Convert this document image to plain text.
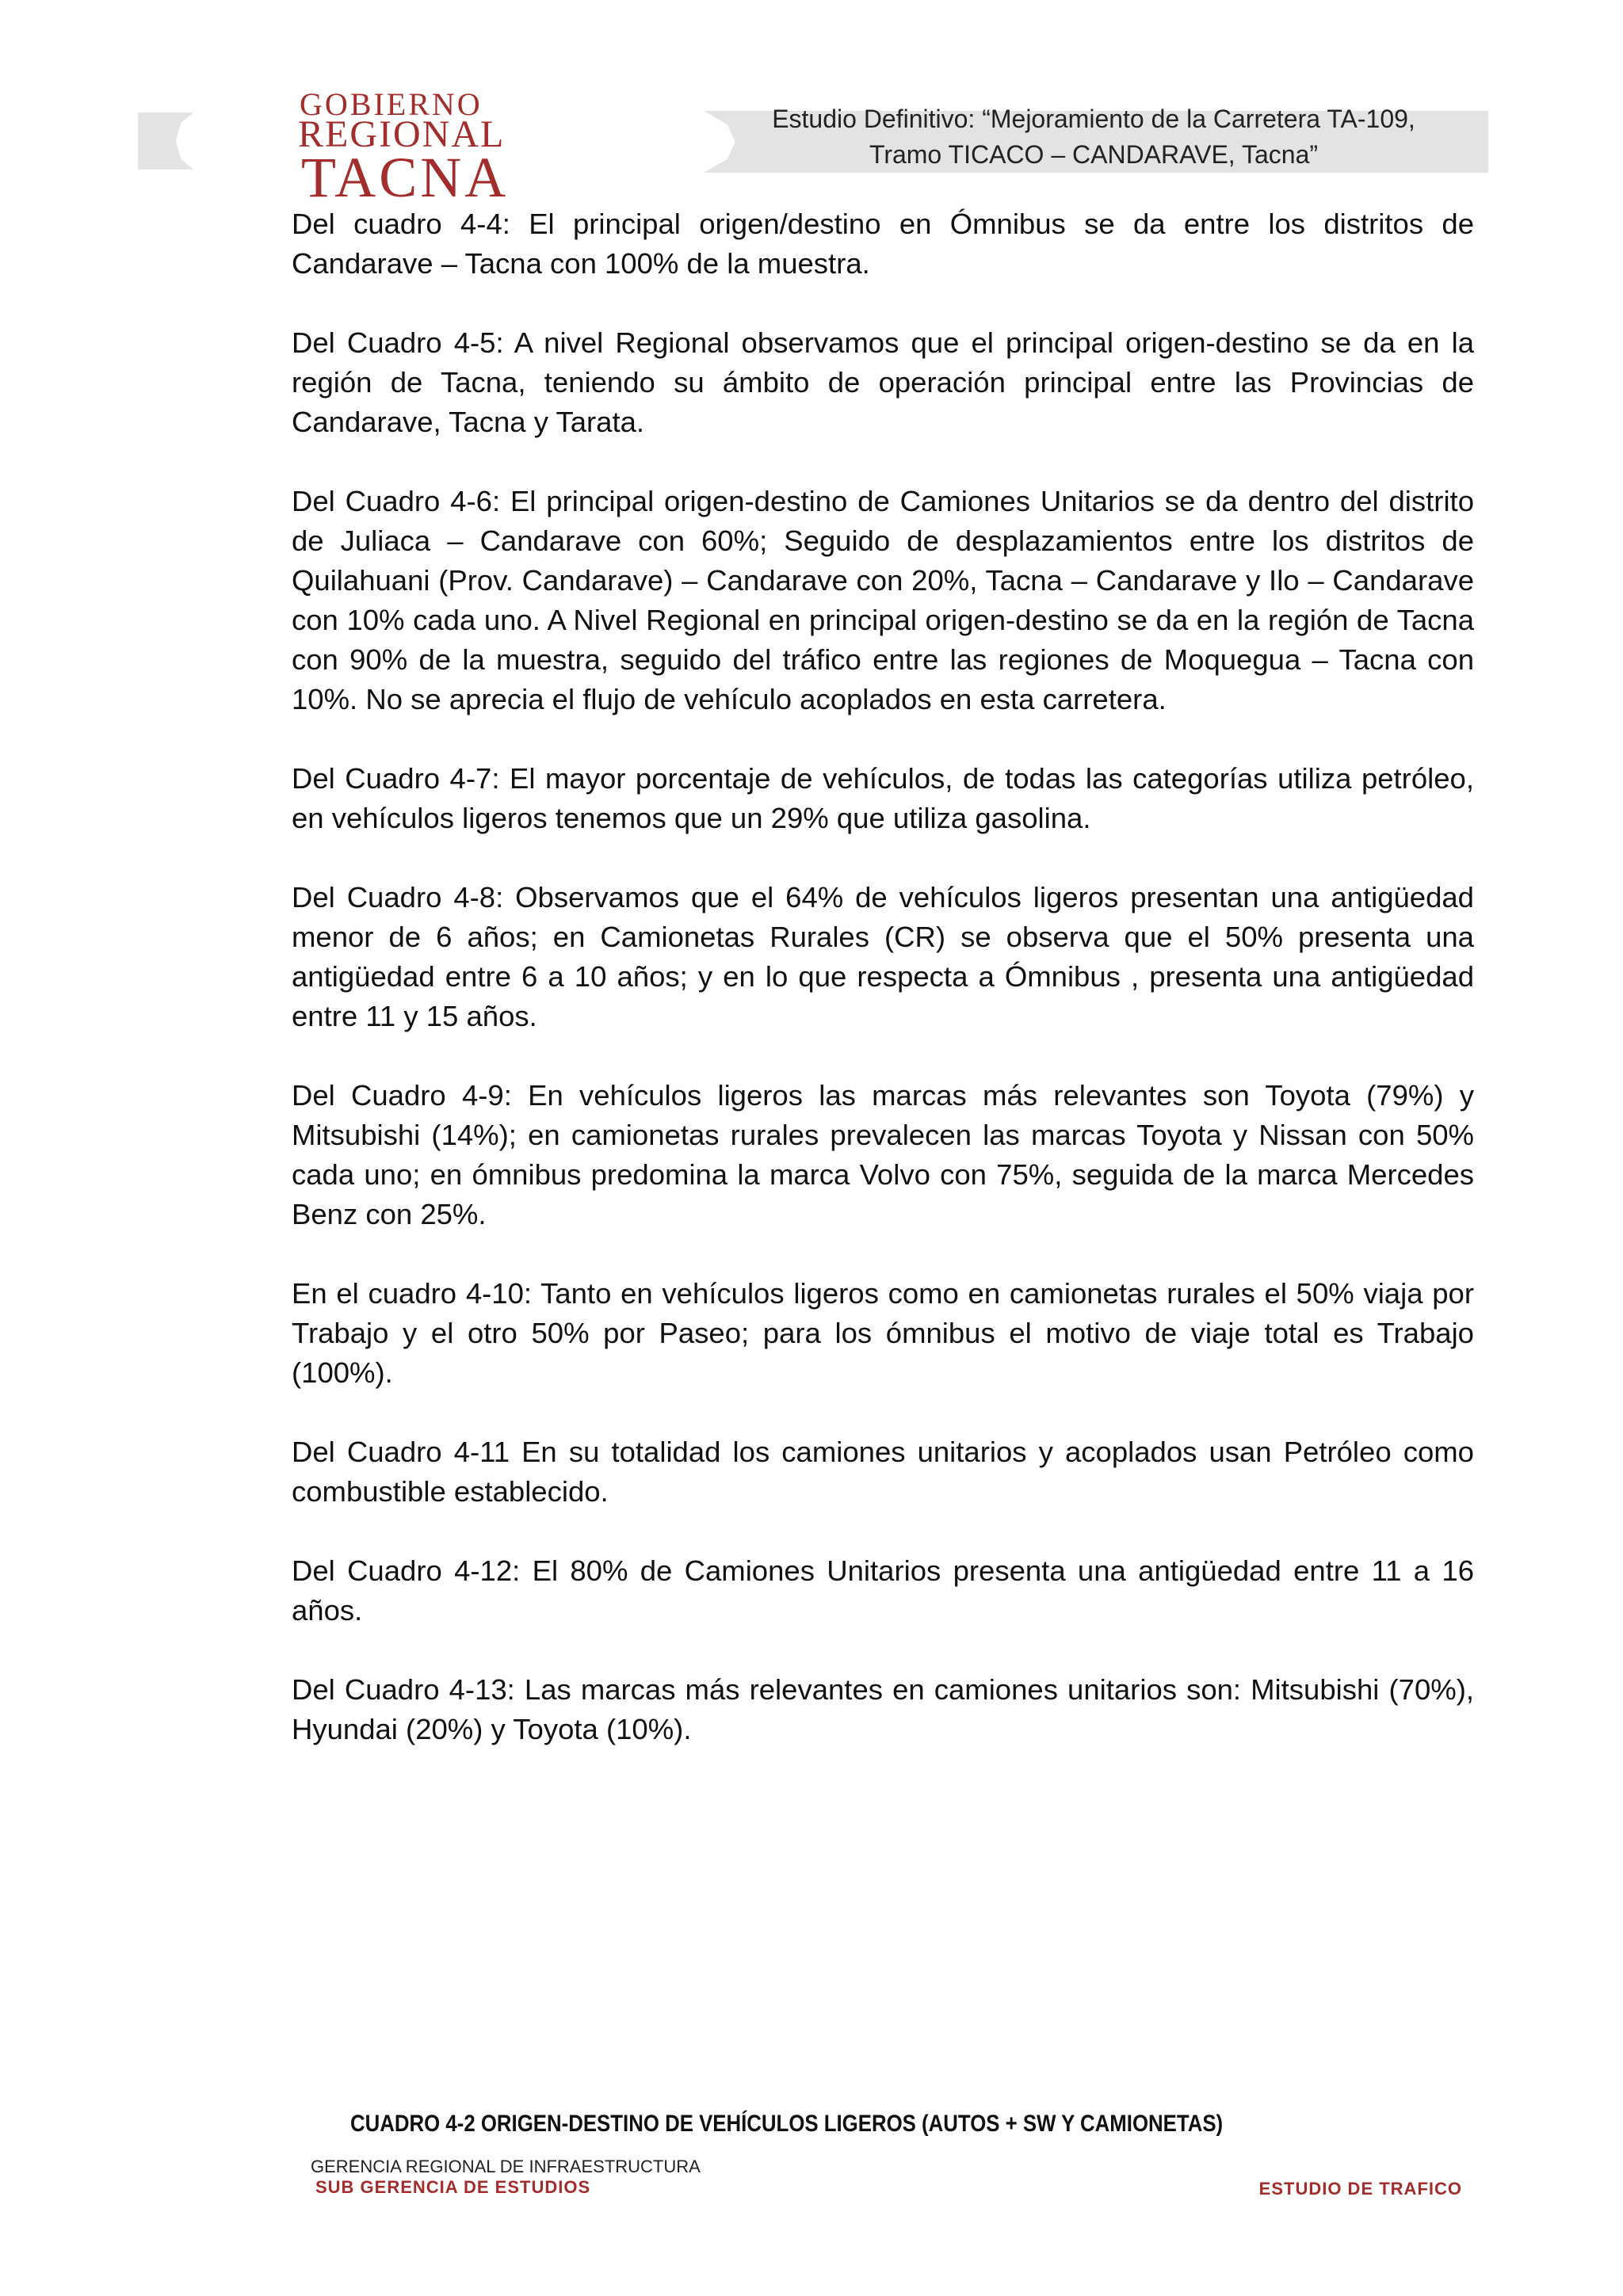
GOBIERNO
REGIONAL
TACNA
Estudio Definitivo: “Mejoramiento de la Carretera TA-109,
Tramo TICACO – CANDARAVE, Tacna”

Del cuadro 4-4: El principal origen/destino en Ómnibus se da entre los distritos de Candarave – Tacna con 100% de la muestra.

Del Cuadro 4-5: A nivel Regional observamos que el principal origen-destino se da en la región de Tacna, teniendo su ámbito de operación principal entre las Provincias de Candarave, Tacna y Tarata.

Del Cuadro 4-6: El principal origen-destino de Camiones Unitarios se da dentro del distrito de Juliaca – Candarave con 60%; Seguido de desplazamientos entre los distritos de Quilahuani (Prov. Candarave) – Candarave con 20%, Tacna – Candarave y Ilo – Candarave con 10% cada uno. A Nivel Regional en principal origen-destino se da en la región de Tacna con 90% de la muestra, seguido del tráfico entre las regiones de Moquegua – Tacna con 10%. No se aprecia el flujo de vehículo acoplados en esta carretera.

Del Cuadro 4-7: El mayor porcentaje de vehículos, de todas las categorías utiliza petróleo, en vehículos ligeros tenemos que un 29% que utiliza gasolina.

Del Cuadro 4-8: Observamos que el 64% de vehículos ligeros presentan una antigüedad menor de 6 años; en Camionetas Rurales (CR) se observa que el 50% presenta una antigüedad entre 6 a 10 años; y en lo que respecta a Ómnibus , presenta una antigüedad entre 11 y 15 años.

Del Cuadro 4-9: En vehículos ligeros las marcas más relevantes son Toyota (79%) y Mitsubishi (14%); en camionetas rurales prevalecen las marcas Toyota y Nissan con 50% cada uno; en ómnibus predomina la marca Volvo con 75%, seguida de la marca Mercedes Benz con 25%.

En el cuadro 4-10: Tanto en vehículos ligeros como en camionetas rurales el 50% viaja por Trabajo y el otro 50% por Paseo; para los ómnibus el motivo de viaje total es Trabajo (100%).

Del Cuadro 4-11 En su totalidad los camiones unitarios y acoplados usan Petróleo como combustible establecido.

Del Cuadro 4-12: El 80% de Camiones Unitarios presenta una antigüedad entre 11 a 16 años.

Del Cuadro 4-13: Las marcas más relevantes en camiones unitarios son: Mitsubishi (70%), Hyundai (20%) y Toyota (10%).

CUADRO 4-2 ORIGEN-DESTINO DE VEHÍCULOS LIGEROS (AUTOS + SW Y CAMIONETAS)
GERENCIA REGIONAL DE INFRAESTRUCTURA
SUB GERENCIA DE ESTUDIOS	ESTUDIO DE TRAFICO
